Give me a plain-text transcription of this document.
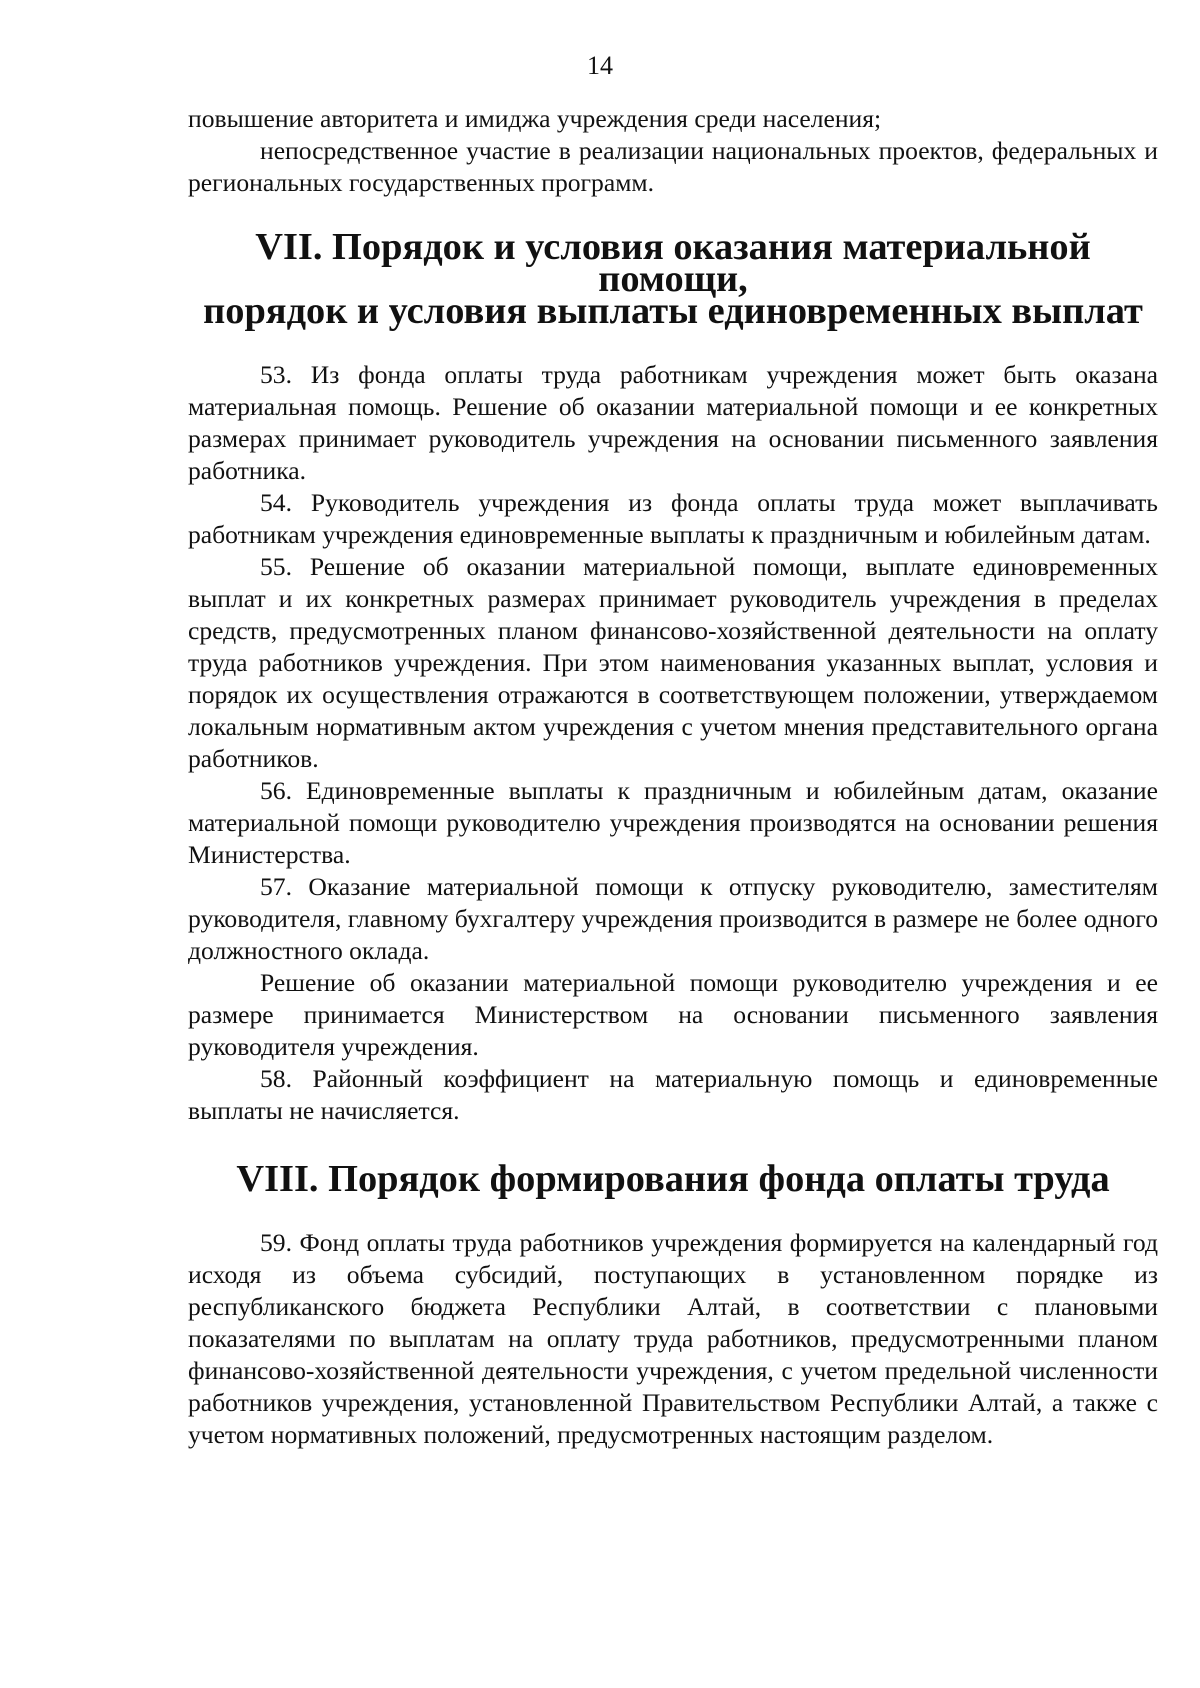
14

повышение авторитета и имиджа учреждения среди населения;

непосредственное участие в реализации национальных проектов, федеральных и региональных государственных программ.

VII. Порядок и условия оказания материальной помощи,
порядок и условия выплаты единовременных выплат

53. Из фонда оплаты труда работникам учреждения может быть оказана материальная помощь. Решение об оказании материальной помощи и ее конкретных размерах принимает руководитель учреждения на основании письменного заявления работника.

54. Руководитель учреждения из фонда оплаты труда может выплачивать работникам учреждения единовременные выплаты к праздничным и юбилейным датам.

55. Решение об оказании материальной помощи, выплате единовременных выплат и их конкретных размерах принимает руководитель учреждения в пределах средств, предусмотренных планом финансово-хозяйственной деятельности на оплату труда работников учреждения. При этом наименования указанных выплат, условия и порядок их осуществления отражаются в соответствующем положении, утверждаемом локальным нормативным актом учреждения с учетом мнения представительного органа работников.

56. Единовременные выплаты к праздничным и юбилейным датам, оказание материальной помощи руководителю учреждения производятся на основании решения Министерства.

57. Оказание материальной помощи к отпуску руководителю, заместителям руководителя, главному бухгалтеру учреждения производится в размере не более одного должностного оклада.

Решение об оказании материальной помощи руководителю учреждения и ее размере принимается Министерством на основании письменного заявления руководителя учреждения.

58. Районный коэффициент на материальную помощь и единовременные выплаты не начисляется.

VIII. Порядок формирования фонда оплаты труда

59. Фонд оплаты труда работников учреждения формируется на календарный год исходя из объема субсидий, поступающих в установленном порядке из республиканского бюджета Республики Алтай, в соответствии с плановыми показателями по выплатам на оплату труда работников, предусмотренными планом финансово-хозяйственной деятельности учреждения, с учетом предельной численности работников учреждения, установленной Правительством Республики Алтай, а также с учетом нормативных положений, предусмотренных настоящим разделом.
